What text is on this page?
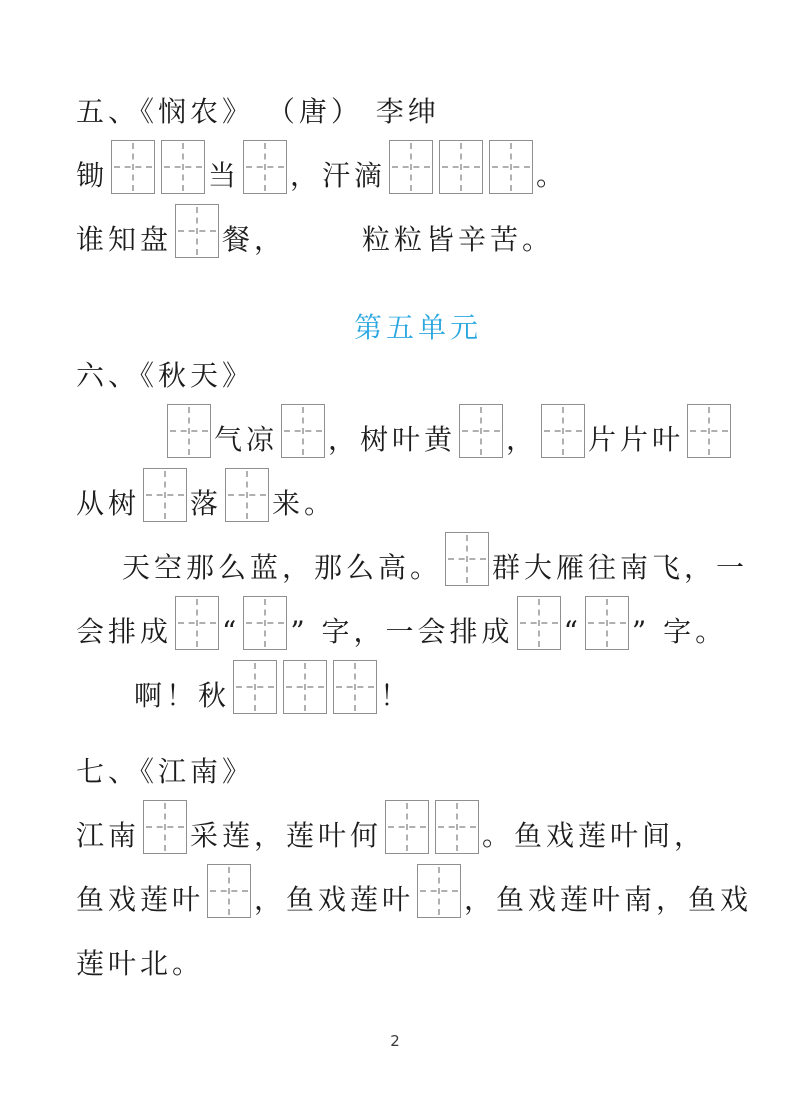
五、《悯农》 （唐） 李绅
锄	当 ，汗滴	。
谁知盘 餐，	粒粒皆辛苦。
第五单元
六、《秋天》
气凉 ，树叶黄 ， 片片叶
从树 落 来。
天空那么蓝，那么高。 群大雁往南飞，一
会排成 “ ” 字，一会排成 “ ” 字。
啊！秋	！
七、《江南》
江南 采莲，莲叶何	。鱼戏莲叶间，
鱼戏莲叶 ，鱼戏莲叶 ，鱼戏莲叶南，鱼戏
莲叶北。
2
